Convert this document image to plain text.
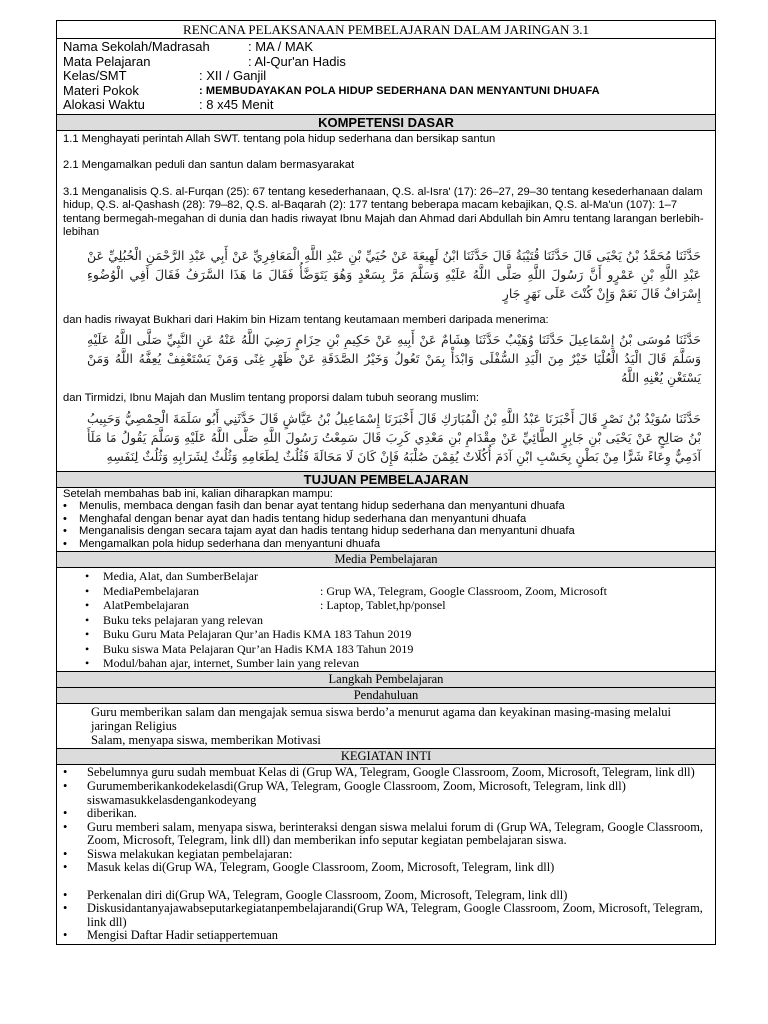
RENCANA PELAKSANAAN PEMBELAJARAN DALAM JARINGAN 3.1
Nama Sekolah/Madrasah	: MA / MAK
Mata Pelajaran	: Al-Qur'an Hadis
Kelas/SMT	: XII / Ganjil
Materi Pokok	: MEMBUDAYAKAN POLA HIDUP SEDERHANA DAN MENYANTUNI DHUAFA
Alokasi Waktu	: 8 x45 Menit
KOMPETENSI DASAR

1.1 Menghayati perintah Allah SWT. tentang pola hidup sederhana dan bersikap santun

2.1 Mengamalkan peduli dan santun dalam bermasyarakat

3.1 Menganalisis Q.S. al-Furqan (25): 67 tentang kesederhanaan, Q.S. al-Isra' (17): 26–27, 29–30 tentang kesederhanaan dalam hidup, Q.S. al-Qashash (28): 79–82, Q.S. al-Baqarah (2): 177 tentang beberapa macam kebajikan, Q.S. al-Ma'un (107): 1–7 tentang bermegah-megahan di dunia dan hadis riwayat Ibnu Majah dan Ahmad dari Abdullah bin Amru tentang larangan berlebih-lebihan

حَدَّثَنَا مُحَمَّدُ بْنُ يَحْيَى قَالَ حَدَّثَنَا قُتَيْبَةُ قَالَ حَدَّثَنَا ابْنُ لَهِيعَةَ عَنْ حُيَيِّ بْنِ عَبْدِ اللَّهِ الْمَعَافِرِيِّ عَنْ أَبِي عَبْدِ الرَّحْمَنِ الْحُبُلِيِّ عَنْ عَبْدِ اللَّهِ بْنِ عَمْرٍو أَنَّ رَسُولَ اللَّهِ صَلَّى اللَّهُ عَلَيْهِ وَسَلَّمَ مَرَّ بِسَعْدٍ وَهُوَ يَتَوَضَّأُ فَقَالَ مَا هَذَا السَّرَفُ فَقَالَ أَفِي الْوُضُوءِ إِسْرَافٌ قَالَ نَعَمْ وَإِنْ كُنْتَ عَلَى نَهَرٍ جَارٍ
dan hadis riwayat Bukhari dari Hakim bin Hizam tentang keutamaan memberi daripada menerima:
حَدَّثَنَا مُوسَى بْنُ إِسْمَاعِيلَ حَدَّثَنَا وُهَيْبٌ حَدَّثَنَا هِشَامٌ عَنْ أَبِيهِ عَنْ حَكِيمِ بْنِ حِزَامٍ رَضِيَ اللَّهُ عَنْهُ عَنِ النَّبِيِّ صَلَّى اللَّهُ عَلَيْهِ وَسَلَّمَ قَالَ الْيَدُ الْعُلْيَا خَيْرٌ مِنَ الْيَدِ السُّفْلَى وَابْدَأْ بِمَنْ تَعُولُ وَخَيْرُ الصَّدَقَةِ عَنْ ظَهْرِ غِنًى وَمَنْ يَسْتَعْفِفْ يُعِفَّهُ اللَّهُ وَمَنْ يَسْتَغْنِ يُغْنِهِ اللَّهُ
dan Tirmidzi, Ibnu Majah dan Muslim tentang proporsi dalam tubuh seorang muslim:
حَدَّثَنَا سُوَيْدُ بْنُ نَصْرٍ قَالَ أَخْبَرَنَا عَبْدُ اللَّهِ بْنُ الْمُبَارَكِ قَالَ أَخْبَرَنَا إِسْمَاعِيلُ بْنُ عَيَّاشٍ قَالَ حَدَّثَنِي أَبُو سَلَمَةَ الْحِمْصِيُّ وَحَبِيبُ بْنُ صَالِحٍ عَنْ يَحْيَى بْنِ جَابِرٍ الطَّائِيِّ عَنْ مِقْدَامِ بْنِ مَعْدِي كَرِبَ قَالَ سَمِعْتُ رَسُولَ اللَّهِ صَلَّى اللَّهُ عَلَيْهِ وَسَلَّمَ يَقُولُ مَا مَلَأَ آدَمِيٌّ وِعَاءً شَرًّا مِنْ بَطْنٍ بِحَسْبِ ابْنِ آدَمَ أُكُلَاتٌ يُقِمْنَ صُلْبَهُ فَإِنْ كَانَ لَا مَحَالَةَ فَثُلُثٌ لِطَعَامِهِ وَثُلُثٌ لِشَرَابِهِ وَثُلُثٌ لِنَفَسِهِ
TUJUAN PEMBELAJARAN
Setelah membahas bab ini, kalian diharapkan mampu:
• Menulis, membaca dengan fasih dan benar ayat tentang hidup sederhana dan menyantuni dhuafa
• Menghafal dengan benar ayat dan hadis tentang hidup sederhana dan menyantuni dhuafa
• Menganalisis dengan secara tajam ayat dan hadis tentang hidup sederhana dan menyantuni dhuafa
• Mengamalkan pola hidup sederhana dan menyantuni dhuafa
Media Pembelajaran
• Media, Alat, dan SumberBelajar
• MediaPembelajaran	: Grup WA, Telegram, Google Classroom, Zoom, Microsoft
• AlatPembelajaran	: Laptop, Tablet,hp/ponsel
• Buku teks pelajaran yang relevan
• Buku Guru Mata Pelajaran Qur’an Hadis KMA 183 Tahun 2019
• Buku siswa Mata Pelajaran Qur’an Hadis KMA 183 Tahun 2019
• Modul/bahan ajar, internet, Sumber lain yang relevan
Langkah Pembelajaran
Pendahuluan
Guru memberikan salam dan mengajak semua siswa berdo’a menurut agama dan keyakinan masing-masing melalui jaringan Religius
Salam, menyapa siswa, memberikan Motivasi
KEGIATAN INTI
• Sebelumnya guru sudah membuat Kelas di (Grup WA, Telegram, Google Classroom, Zoom, Microsoft, Telegram, link dll)
• Gurumemberikankodekelasdi(Grup WA, Telegram, Google Classroom, Zoom, Microsoft, Telegram, link dll) siswamasukkelasdengankodeyang
• diberikan.
• Guru memberi salam, menyapa siswa, berinteraksi dengan siswa melalui forum di (Grup WA, Telegram, Google Classroom, Zoom, Microsoft, Telegram, link dll) dan memberikan info seputar kegiatan pembelajaran siswa.
• Siswa melakukan kegiatan pembelajaran:
• Masuk kelas di(Grup WA, Telegram, Google Classroom, Zoom, Microsoft, Telegram, link dll)
• Perkenalan diri di(Grup WA, Telegram, Google Classroom, Zoom, Microsoft, Telegram, link dll)
• Diskusidantanyajawabseputarkegiatanpembelajarandi(Grup WA, Telegram, Google Classroom, Zoom, Microsoft, Telegram, link dll)
• Mengisi Daftar Hadir setiappertemuan
